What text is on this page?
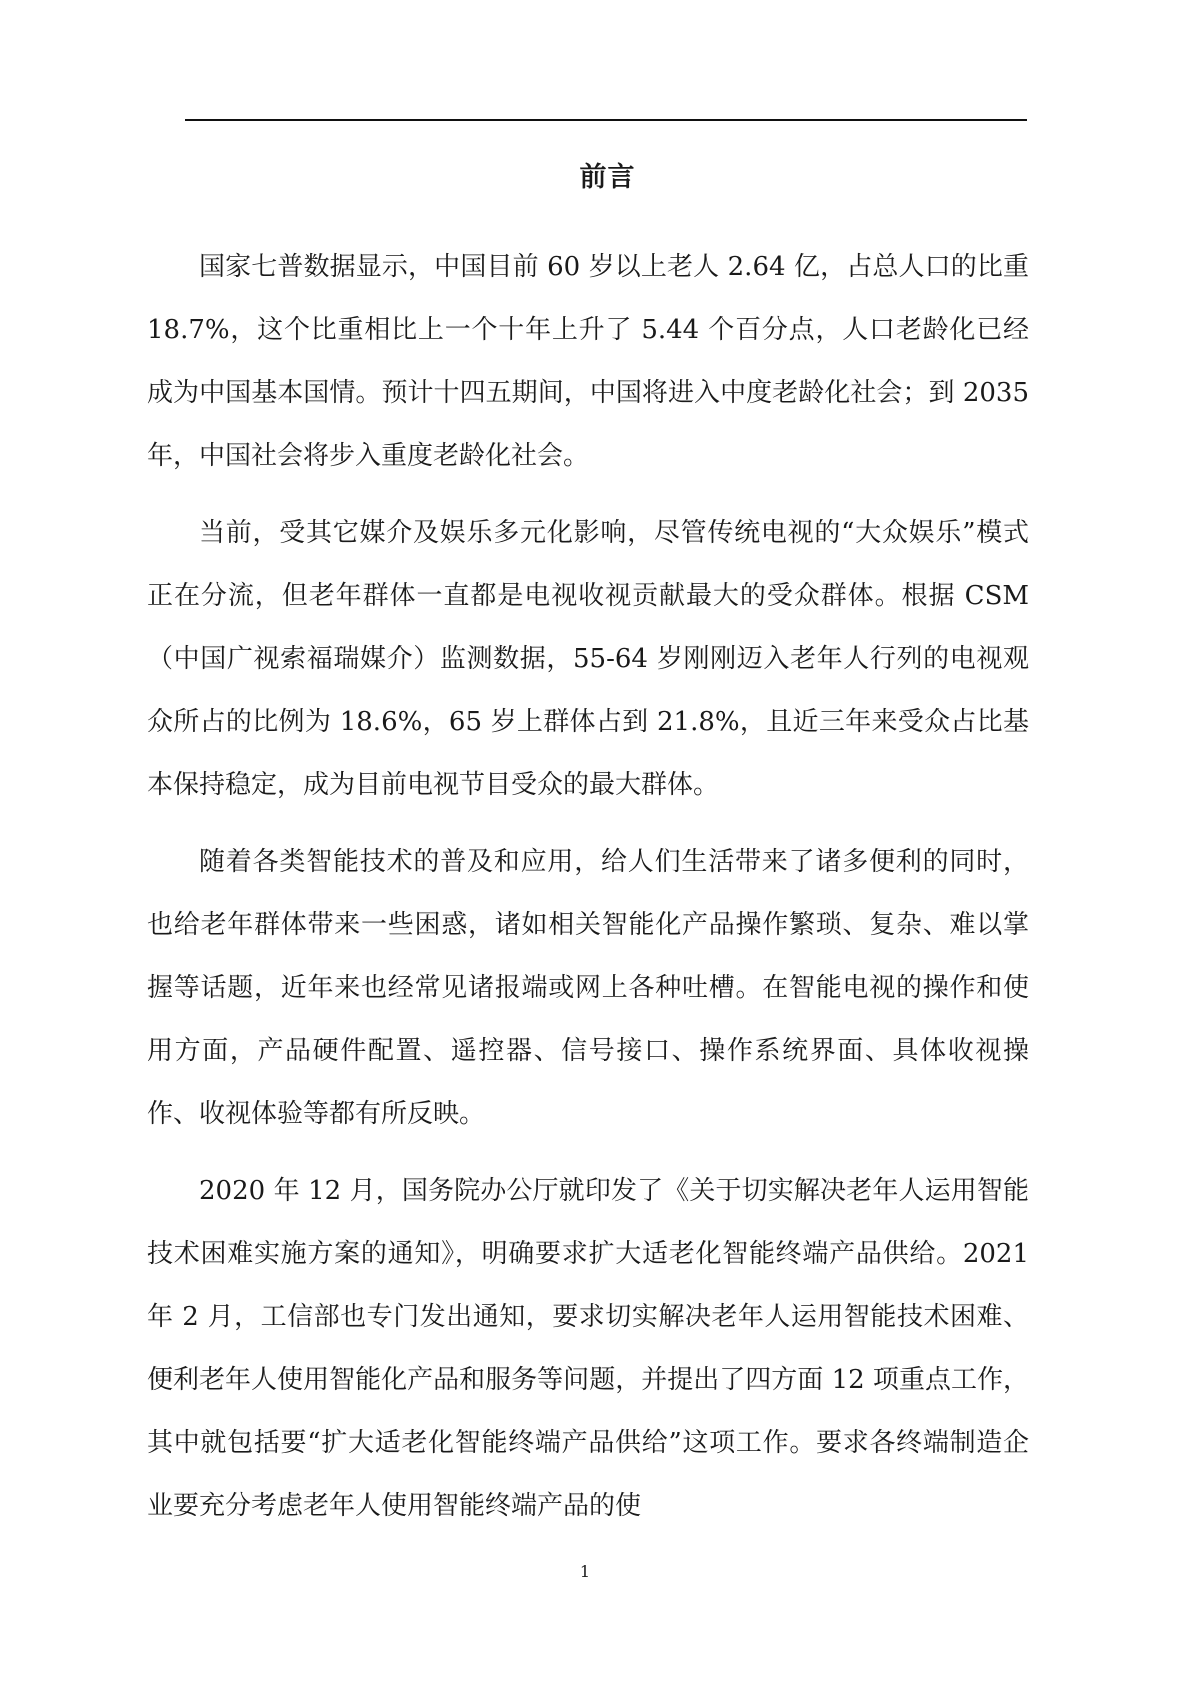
前言

国家七普数据显示，中国目前 60 岁以上老人 2.64 亿，占总人口的比重 18.7%，这个比重相比上一个十年上升了 5.44 个百分点，人口老龄化已经成为中国基本国情。预计十四五期间，中国将进入中度老龄化社会；到 2035 年，中国社会将步入重度老龄化社会。

当前，受其它媒介及娱乐多元化影响，尽管传统电视的“大众娱乐”模式正在分流，但老年群体一直都是电视收视贡献最大的受众群体。根据 CSM（中国广视索福瑞媒介）监测数据，55-64 岁刚刚迈入老年人行列的电视观众所占的比例为 18.6%，65 岁上群体占到 21.8%，且近三年来受众占比基本保持稳定，成为目前电视节目受众的最大群体。

随着各类智能技术的普及和应用，给人们生活带来了诸多便利的同时，也给老年群体带来一些困惑，诸如相关智能化产品操作繁琐、复杂、难以掌握等话题，近年来也经常见诸报端或网上各种吐槽。在智能电视的操作和使用方面，产品硬件配置、遥控器、信号接口、操作系统界面、具体收视操作、收视体验等都有所反映。

2020 年 12 月，国务院办公厅就印发了《关于切实解决老年人运用智能技术困难实施方案的通知》，明确要求扩大适老化智能终端产品供给。2021 年 2 月，工信部也专门发出通知，要求切实解决老年人运用智能技术困难、便利老年人使用智能化产品和服务等问题，并提出了四方面 12 项重点工作，其中就包括要“扩大适老化智能终端产品供给”这项工作。要求各终端制造企业要充分考虑老年人使用智能终端产品的使

1
